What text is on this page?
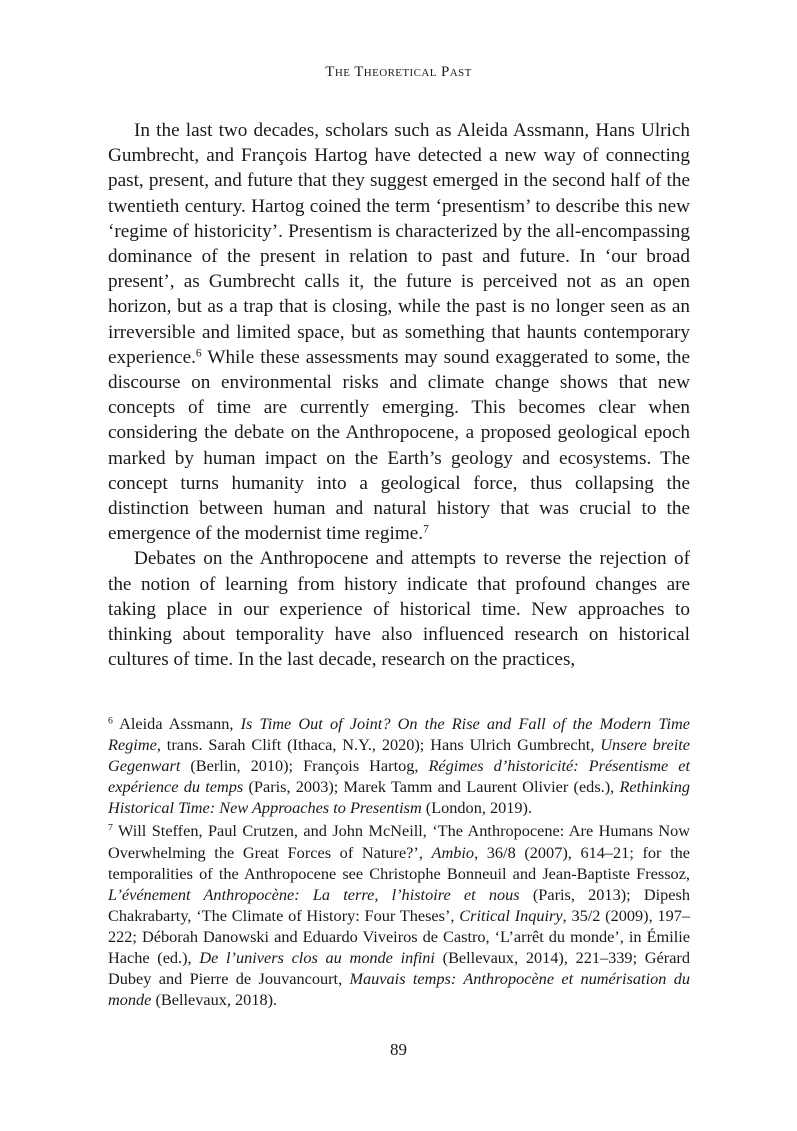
The Theoretical Past

In the last two decades, scholars such as Aleida Assmann, Hans Ulrich Gumbrecht, and François Hartog have detected a new way of connecting past, present, and future that they suggest emerged in the second half of the twentieth century. Hartog coined the term ‘presentism’ to describe this new ‘regime of historicity’. Presentism is characterized by the all-encompassing dominance of the present in relation to past and future. In ‘our broad present’, as Gumbrecht calls it, the future is perceived not as an open horizon, but as a trap that is closing, while the past is no longer seen as an irreversible and limited space, but as something that haunts contemporary experience.$^6$ While these assessments may sound exaggerated to some, the discourse on environmental risks and climate change shows that new concepts of time are currently emerging. This becomes clear when considering the debate on the Anthropocene, a proposed geological epoch marked by human impact on the Earth’s geology and ecosystems. The concept turns humanity into a geological force, thus collapsing the distinction between human and natural history that was crucial to the emergence of the modernist time regime.$^7$

Debates on the Anthropocene and attempts to reverse the rejection of the notion of learning from history indicate that profound changes are taking place in our experience of historical time. New approaches to thinking about temporality have also influenced research on historical cultures of time. In the last decade, research on the practices,

$^6$ Aleida Assmann, Is Time Out of Joint? On the Rise and Fall of the Modern Time Regime, trans. Sarah Clift (Ithaca, N.Y., 2020); Hans Ulrich Gumbrecht, Unsere breite Gegenwart (Berlin, 2010); François Hartog, Régimes d’historicité: Présentisme et expérience du temps (Paris, 2003); Marek Tamm and Laurent Olivier (eds.), Rethinking Historical Time: New Approaches to Presentism (London, 2019).

$^7$ Will Steffen, Paul Crutzen, and John McNeill, ‘The Anthropocene: Are Humans Now Overwhelming the Great Forces of Nature?’, Ambio, 36/8 (2007), 614–21; for the temporalities of the Anthropocene see Christophe Bonneuil and Jean-Baptiste Fressoz, L’événement Anthropocène: La terre, l’histoire et nous (Paris, 2013); Dipesh Chakrabarty, ‘The Climate of History: Four Theses’, Critical Inquiry, 35/2 (2009), 197–222; Déborah Danowski and Eduardo Viveiros de Castro, ‘L’arrêt du monde’, in Émilie Hache (ed.), De l’univers clos au monde infini (Bellevaux, 2014), 221–339; Gérard Dubey and Pierre de Jouvancourt, Mauvais temps: Anthropocène et numérisation du monde (Bellevaux, 2018).

89
